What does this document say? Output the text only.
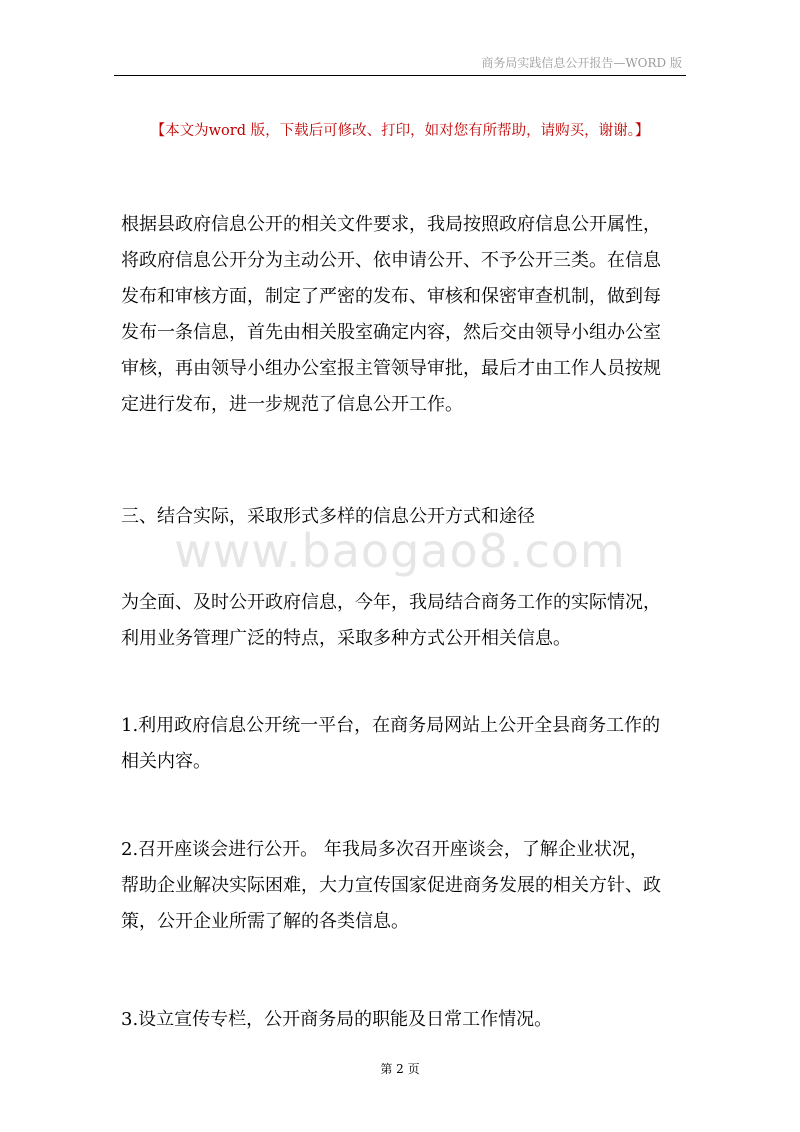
商务局实践信息公开报告—WORD 版
【本文为word 版，下载后可修改、打印，如对您有所帮助，请购买，谢谢。】

根据县政府信息公开的相关文件要求，我局按照政府信息公开属性，
将政府信息公开分为主动公开、依申请公开、不予公开三类。在信息
发布和审核方面，制定了严密的发布、审核和保密审查机制，做到每
发布一条信息，首先由相关股室确定内容，然后交由领导小组办公室
审核，再由领导小组办公室报主管领导审批，最后才由工作人员按规
定进行发布，进一步规范了信息公开工作。

三、结合实际，采取形式多样的信息公开方式和途径

www.baogao8.com

为全面、及时公开政府信息，今年，我局结合商务工作的实际情况，
利用业务管理广泛的特点，采取多种方式公开相关信息。

1.利用政府信息公开统一平台，在商务局网站上公开全县商务工作的
相关内容。

2.召开座谈会进行公开。 年我局多次召开座谈会，了解企业状况，
帮助企业解决实际困难，大力宣传国家促进商务发展的相关方针、政
策，公开企业所需了解的各类信息。

3.设立宣传专栏，公开商务局的职能及日常工作情况。

第 2 页
